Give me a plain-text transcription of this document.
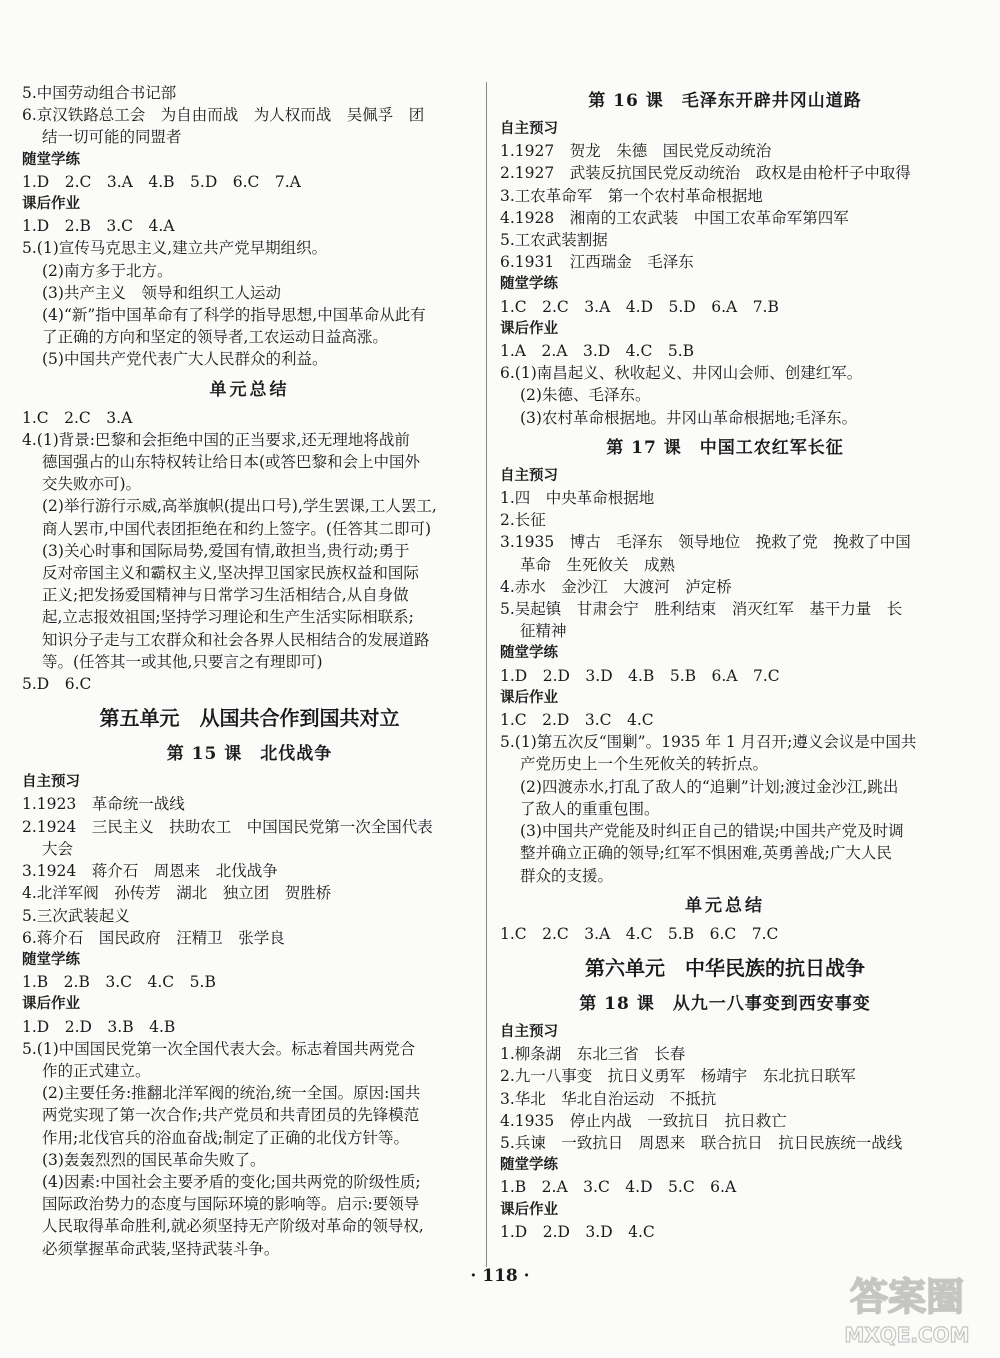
5.中国劳动组合书记部
6.京汉铁路总工会　为自由而战　为人权而战　吴佩孚　团
结一切可能的同盟者
随堂学练
1.D　2.C　3.A　4.B　5.D　6.C　7.A
课后作业
1.D　2.B　3.C　4.A
5.(1)宣传马克思主义,建立共产党早期组织。
(2)南方多于北方。
(3)共产主义　领导和组织工人运动
(4)“新”指中国革命有了科学的指导思想,中国革命从此有
了正确的方向和坚定的领导者,工农运动日益高涨。
(5)中国共产党代表广大人民群众的利益。
单元总结
1.C　2.C　3.A
4.(1)背景:巴黎和会拒绝中国的正当要求,还无理地将战前
德国强占的山东特权转让给日本(或答巴黎和会上中国外
交失败亦可)。
(2)举行游行示威,高举旗帜(提出口号),学生罢课,工人罢工,
商人罢市,中国代表团拒绝在和约上签字。(任答其二即可)
(3)关心时事和国际局势,爱国有情,敢担当,贵行动;勇于
反对帝国主义和霸权主义,坚决捍卫国家民族权益和国际
正义;把发扬爱国精神与日常学习生活相结合,从自身做
起,立志报效祖国;坚持学习理论和生产生活实际相联系;
知识分子走与工农群众和社会各界人民相结合的发展道路
等。(任答其一或其他,只要言之有理即可)
5.D　6.C
第五单元　从国共合作到国共对立
第 15 课　北伐战争
自主预习
1.1923　革命统一战线
2.1924　三民主义　扶助农工　中国国民党第一次全国代表
大会
3.1924　蒋介石　周恩来　北伐战争
4.北洋军阀　孙传芳　湖北　独立团　贺胜桥
5.三次武装起义
6.蒋介石　国民政府　汪精卫　张学良
随堂学练
1.B　2.B　3.C　4.C　5.B
课后作业
1.D　2.D　3.B　4.B
5.(1)中国国民党第一次全国代表大会。标志着国共两党合
作的正式建立。
(2)主要任务:推翻北洋军阀的统治,统一全国。原因:国共
两党实现了第一次合作;共产党员和共青团员的先锋模范
作用;北伐官兵的浴血奋战;制定了正确的北伐方针等。
(3)轰轰烈烈的国民革命失败了。
(4)因素:中国社会主要矛盾的变化;国共两党的阶级性质;
国际政治势力的态度与国际环境的影响等。启示:要领导
人民取得革命胜利,就必须坚持无产阶级对革命的领导权,
必须掌握革命武装,坚持武装斗争。
第 16 课　毛泽东开辟井冈山道路
自主预习
1.1927　贺龙　朱德　国民党反动统治
2.1927　武装反抗国民党反动统治　政权是由枪杆子中取得
3.工农革命军　第一个农村革命根据地
4.1928　湘南的工农武装　中国工农革命军第四军
5.工农武装割据
6.1931　江西瑞金　毛泽东
随堂学练
1.C　2.C　3.A　4.D　5.D　6.A　7.B
课后作业
1.A　2.A　3.D　4.C　5.B
6.(1)南昌起义、秋收起义、井冈山会师、创建红军。
(2)朱德、毛泽东。
(3)农村革命根据地。井冈山革命根据地;毛泽东。
第 17 课　中国工农红军长征
自主预习
1.四　中央革命根据地
2.长征
3.1935　博古　毛泽东　领导地位　挽救了党　挽救了中国
革命　生死攸关　成熟
4.赤水　金沙江　大渡河　泸定桥
5.吴起镇　甘肃会宁　胜利结束　消灭红军　基干力量　长
征精神
随堂学练
1.D　2.D　3.D　4.B　5.B　6.A　7.C
课后作业
1.C　2.D　3.C　4.C
5.(1)第五次反“围剿”。1935 年 1 月召开;遵义会议是中国共
产党历史上一个生死攸关的转折点。
(2)四渡赤水,打乱了敌人的“追剿”计划;渡过金沙江,跳出
了敌人的重重包围。
(3)中国共产党能及时纠正自己的错误;中国共产党及时调
整并确立正确的领导;红军不惧困难,英勇善战;广大人民
群众的支援。
单元总结
1.C　2.C　3.A　4.C　5.B　6.C　7.C
第六单元　中华民族的抗日战争
第 18 课　从九一八事变到西安事变
自主预习
1.柳条湖　东北三省　长春
2.九一八事变　抗日义勇军　杨靖宇　东北抗日联军
3.华北　华北自治运动　不抵抗
4.1935　停止内战　一致抗日　抗日救亡
5.兵谏　一致抗日　周恩来　联合抗日　抗日民族统一战线
随堂学练
1.B　2.A　3.C　4.D　5.C　6.A
课后作业
1.D　2.D　3.D　4.C
· 118 ·	答案圈
MXQE.COM
